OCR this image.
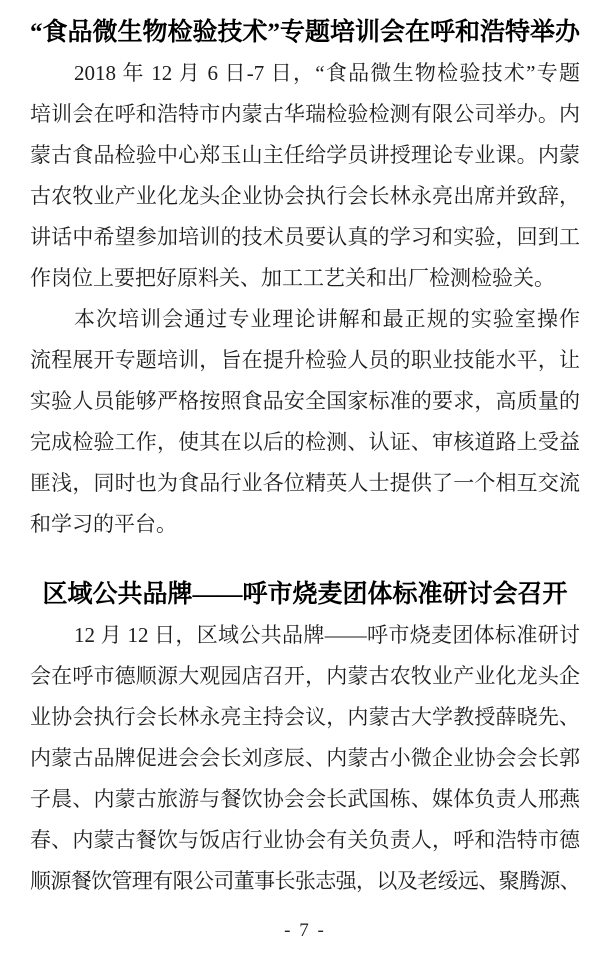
“食品微生物检验技术”专题培训会在呼和浩特举办
2018 年 12 月 6 日-7 日，“食品微生物检验技术”专题
培训会在呼和浩特市内蒙古华瑞检验检测有限公司举办。内
蒙古食品检验中心郑玉山主任给学员讲授理论专业课。内蒙
古农牧业产业化龙头企业协会执行会长林永亮出席并致辞，
讲话中希望参加培训的技术员要认真的学习和实验，回到工
作岗位上要把好原料关、加工工艺关和出厂检测检验关。
本次培训会通过专业理论讲解和最正规的实验室操作
流程展开专题培训，旨在提升检验人员的职业技能水平，让
实验人员能够严格按照食品安全国家标准的要求，高质量的
完成检验工作，使其在以后的检测、认证、审核道路上受益
匪浅，同时也为食品行业各位精英人士提供了一个相互交流
和学习的平台。
区域公共品牌——呼市烧麦团体标准研讨会召开
12 月 12 日，区域公共品牌——呼市烧麦团体标准研讨
会在呼市德顺源大观园店召开，内蒙古农牧业产业化龙头企
业协会执行会长林永亮主持会议，内蒙古大学教授薛晓先、
内蒙古品牌促进会会长刘彦辰、内蒙古小微企业协会会长郭
子晨、内蒙古旅游与餐饮协会会长武国栋、媒体负责人邢燕
春、内蒙古餐饮与饭店行业协会有关负责人，呼和浩特市德
顺源餐饮管理有限公司董事长张志强，以及老绥远、聚腾源、
- 7 -
